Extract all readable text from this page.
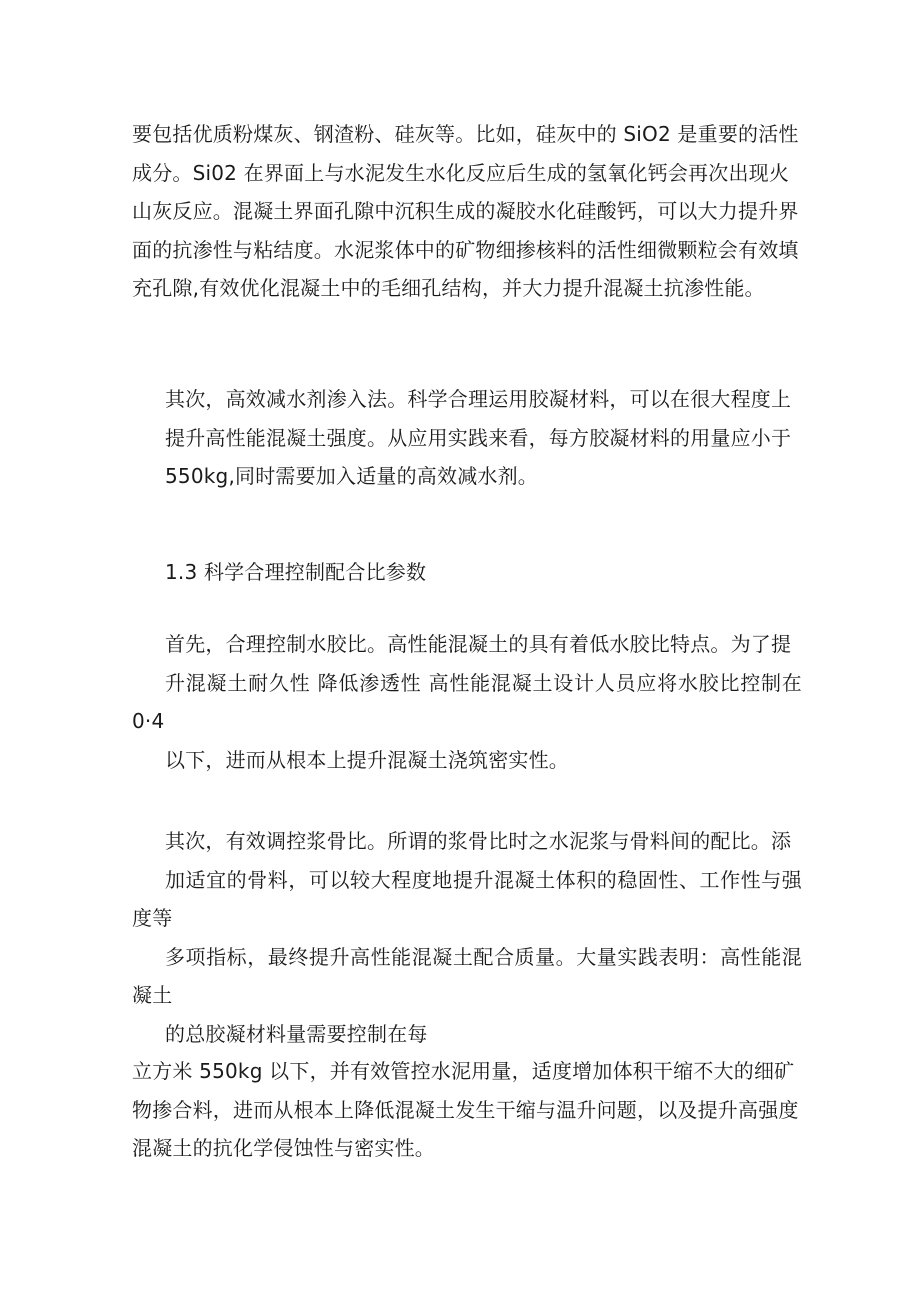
要包括优质粉煤灰、钢渣粉、硅灰等。比如，硅灰中的 SiO2 是重要的活性
成分。Si02 在界面上与水泥发生水化反应后生成的氢氧化钙会再次出现火
山灰反应。混凝土界面孔隙中沉积生成的凝胶水化硅酸钙，可以大力提升界
面的抗渗性与粘结度。水泥浆体中的矿物细掺核料的活性细微颗粒会有效填
充孔隙,有效优化混凝土中的毛细孔结构，并大力提升混凝土抗渗性能。

其次，高效减水剂渗入法。科学合理运用胶凝材料，可以在很大程度上
提升高性能混凝土强度。从应用实践来看，每方胶凝材料的用量应小于
550kg,同时需要加入适量的高效减水剂。

1.3 科学合理控制配合比参数

首先，合理控制水胶比。高性能混凝土的具有着低水胶比特点。为了提
升混凝土耐久性 降低渗透性 高性能混凝土设计人员应将水胶比控制在 0·4
以下，进而从根本上提升混凝土浇筑密实性。

其次，有效调控浆骨比。所谓的浆骨比时之水泥浆与骨料间的配比。添
加适宜的骨料，可以较大程度地提升混凝土体积的稳固性、工作性与强度等
多项指标，最终提升高性能混凝土配合质量。大量实践表明：高性能混凝土
的总胶凝材料量需要控制在每

立方米 550kg 以下，并有效管控水泥用量，适度增加体积干缩不大的细矿
物掺合料，进而从根本上降低混凝土发生干缩与温升问题，以及提升高强度
混凝土的抗化学侵蚀性与密实性。
